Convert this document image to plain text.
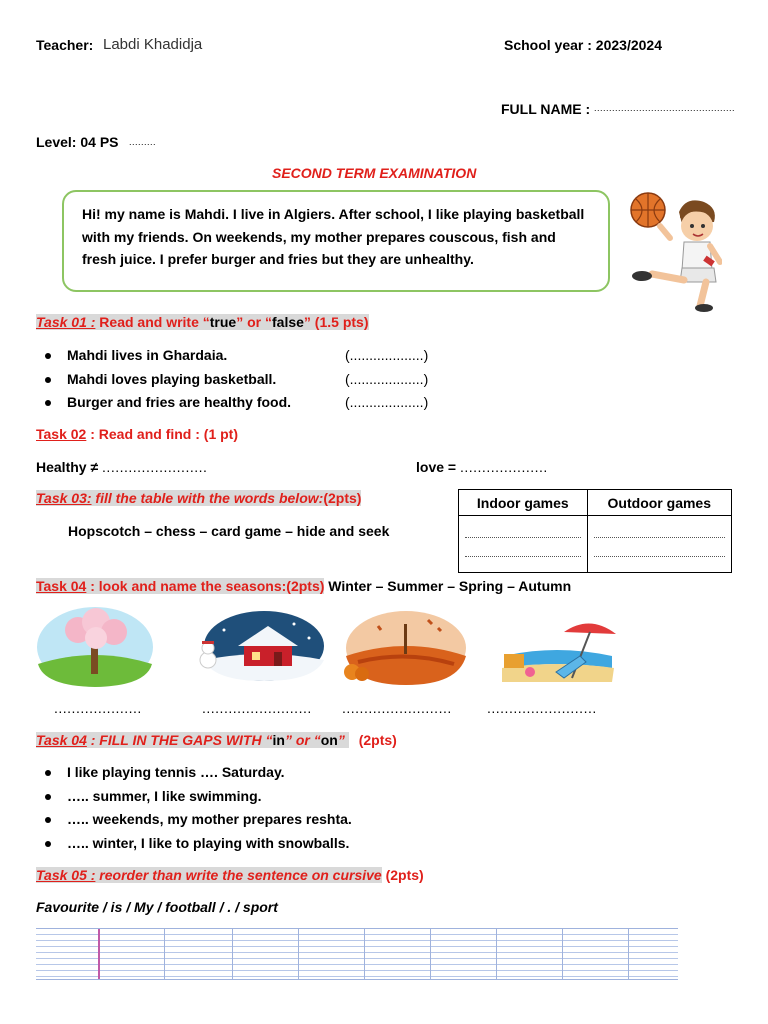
Teacher: Labdi Khadidja	School year : 2023/2024
FULL NAME : ...............................................
Level: 04 PS .........
SECOND TERM EXAMINATION
Hi! my name is Mahdi. I live in Algiers. After school, I like playing basketball with my friends. On weekends, my mother prepares couscous, fish and fresh juice. I prefer burger and fries but they are unhealthy.
Task 01 : Read and write “true” or “false” (1.5 pts)
Mahdi lives in Ghardaia.	(...................)
Mahdi loves playing basketball.	(...................)
Burger and fries are healthy food.	(...................)
Task 02 : Read and find : (1 pt)
Healthy ≠ ........................	love = ....................
Task 03: fill the table with the words below:(2pts)
Hopscotch – chess – card game – hide and seek
Indoor games	Outdoor games

Task 04 : look and name the seasons:(2pts) Winter – Summer – Spring – Autumn
....................	......................... .........................	.........................
Task 04 : FILL IN THE GAPS WITH “in” or “on” (2pts)
I like playing tennis …. Saturday.
….. summer, I like swimming.
….. weekends, my mother prepares reshta.
….. winter, I like to playing with snowballs.
Task 05 : reorder than write the sentence on cursive (2pts)
Favourite / is / My / football / . / sport
